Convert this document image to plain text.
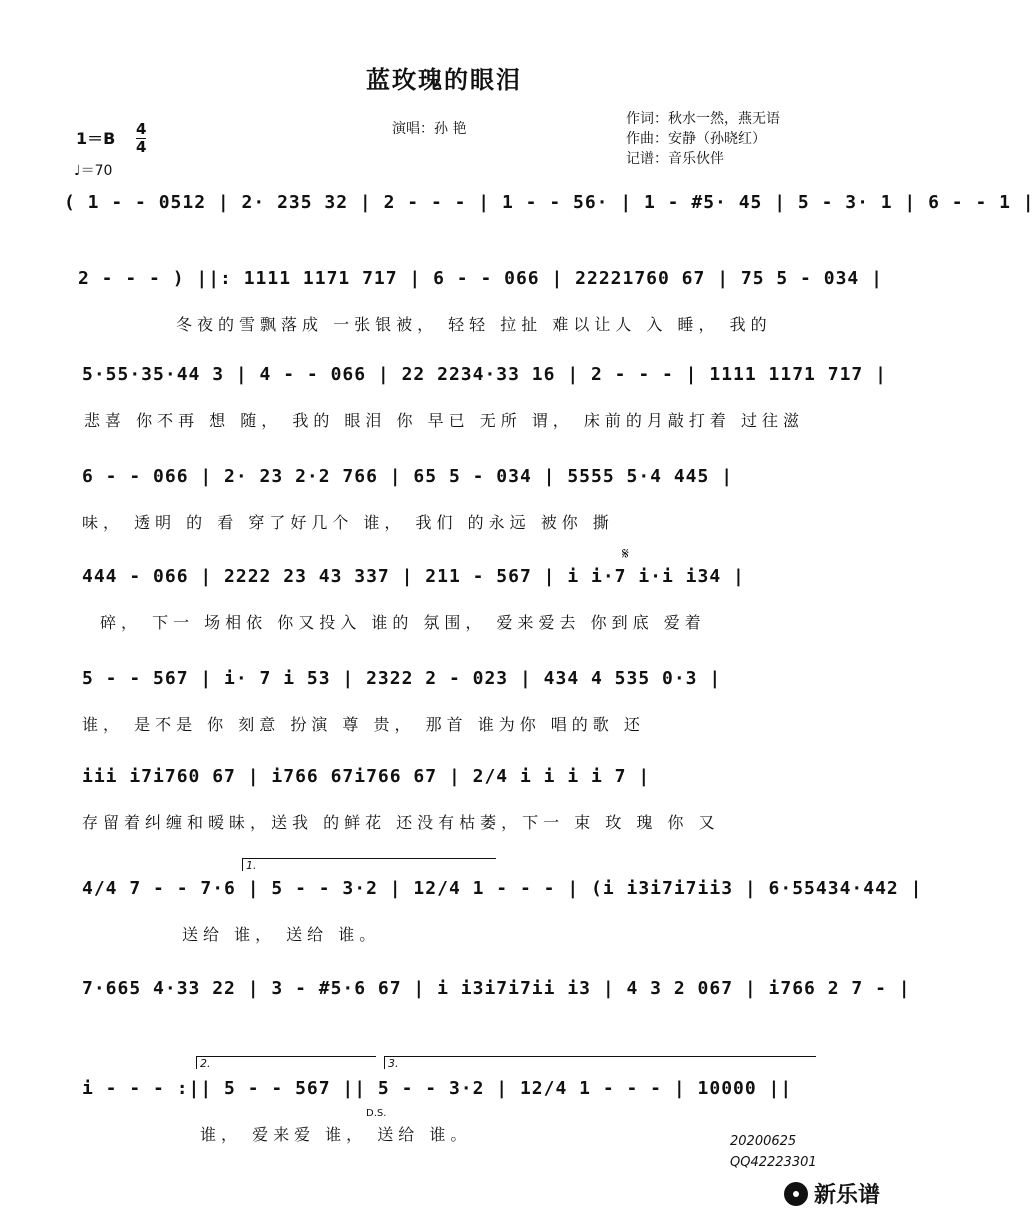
蓝玫瑰的眼泪
演唱：孙 艳
作词：秋水一然，燕无语
作曲：安静（孙晓红）
记谱：音乐伙伴
1＝B 4
4
♩＝70
( 1 - - 0512 | 2· 235 32 | 2 - - - | 1 - - 56· | 1 - #5· 45 | 5 - 3· 1 | 6 - - 1 |
2 - - - ) ||: 1111 1171 717 | 6 - - 066 | 22221760 67 | 75 5 - 034 |
冬夜的雪飘落成 一张银被， 轻轻 拉扯 难以让人 入 睡， 我的
5·55·35·44 3 | 4 - - 066 | 22 2234·33 16 | 2 - - - | 1111 1171 717 |
悲喜 你不再 想 随， 我的 眼泪 你 早已 无所 谓， 床前的月敲打着 过往滋
6 - - 066 | 2· 23 2·2 766 | 65 5 - 034 | 5555 5·4 445 |
味， 透明 的 看 穿了好几个 谁， 我们 的永远 被你 撕
444 - 066 | 2222 23 43 337 | 211 - 567 | i i·7 i·i i34 |
碎， 下一 场相依 你又投入 谁的 氛围， 爱来爱去 你到底 爱着
𝄋
5 - - 567 | i· 7 i 53 | 2322 2 - 023 | 434 4 535 0·3 |
谁， 是不是 你 刻意 扮演 尊 贵， 那首 谁为你 唱的歌 还
iii i7i760 67 | i766 67i766 67 | 2/4 i i i i 7 |
存留着纠缠和暧昧，送我 的鲜花 还没有枯萎，下一 束 玫 瑰 你 又
1.
4/4 7 - - 7·6 | 5 - - 3·2 | 12/4 1 - - - | (i i3i7i7ii3 | 6·55434·442 |
送给 谁， 送给 谁。
7·665 4·33 22 | 3 - #5·6 67 | i i3i7i7ii i3 | 4 3 2 067 | i766 2 7 - |
2.	3.
i - - - :|| 5 - - 567 || 5 - - 3·2 | 12/4 1 - - - | 10000 ||
谁， 爱来爱 谁， 送给 谁。
D.S.
20200625
QQ42223301
新乐谱
